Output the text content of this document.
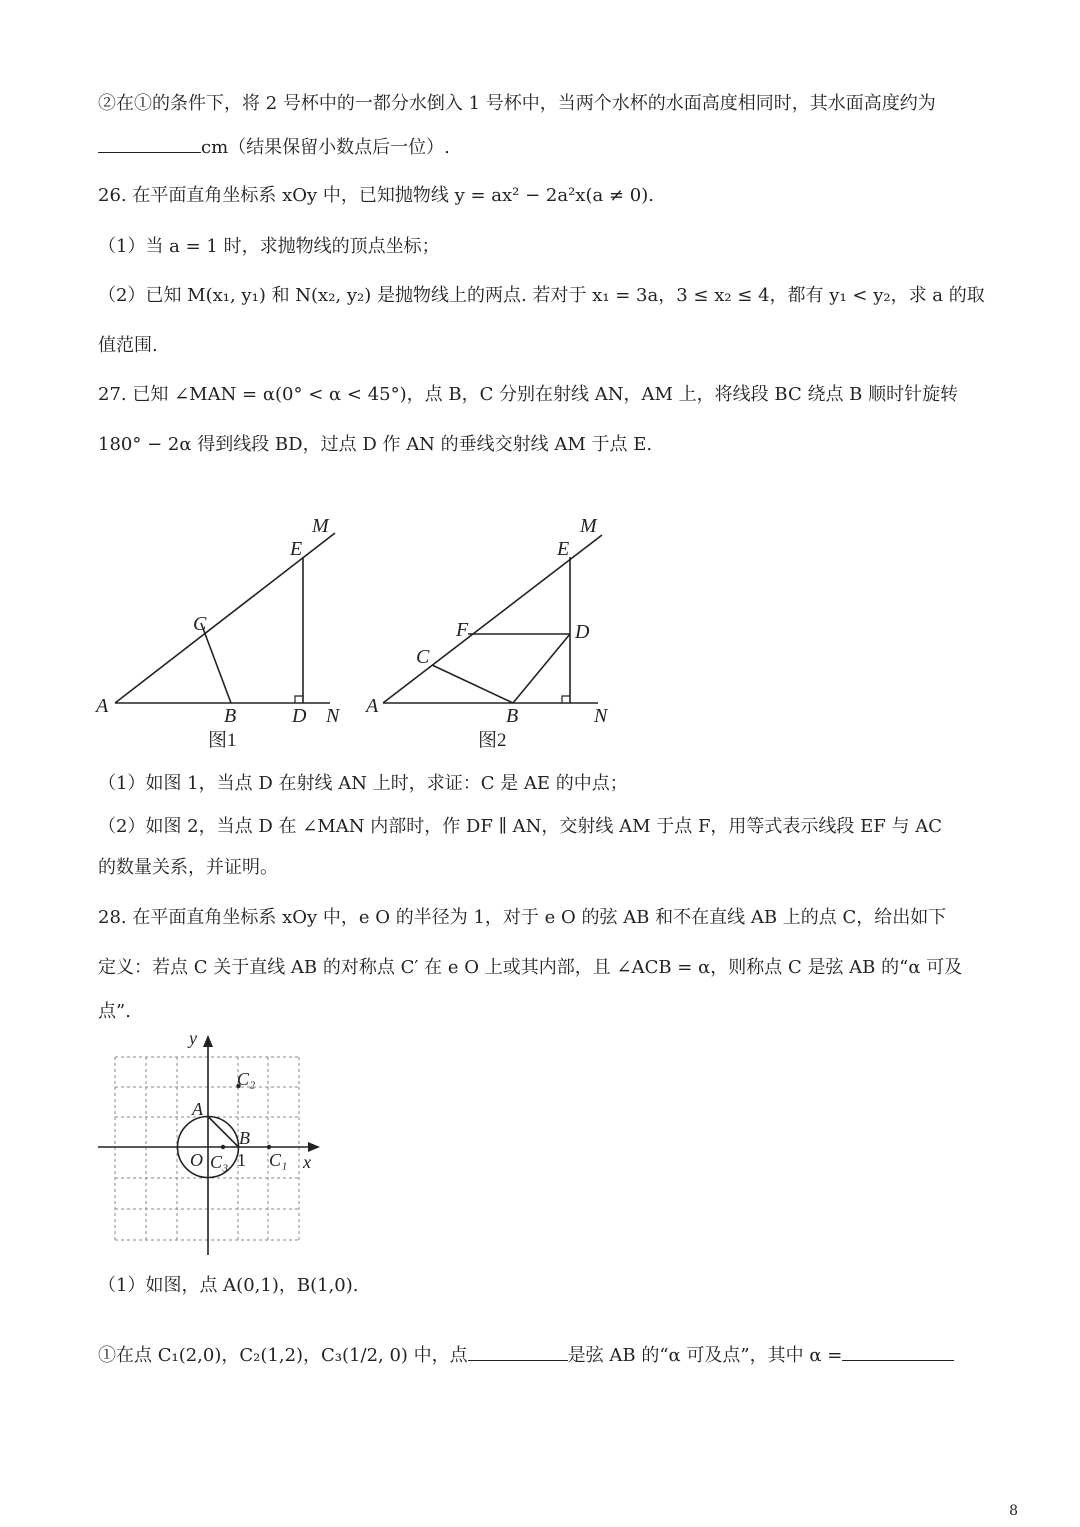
②在①的条件下，将 2 号杯中的一都分水倒入 1 号杯中，当两个水杯的水面高度相同时，其水面高度约为
cm（结果保留小数点后一位）.
26. 在平面直角坐标系 xOy 中，已知抛物线 y = ax² − 2a²x(a ≠ 0).
（1）当 a = 1 时，求抛物线的顶点坐标；
（2）已知 M(x₁, y₁) 和 N(x₂, y₂) 是抛物线上的两点. 若对于 x₁ = 3a，3 ≤ x₂ ≤ 4，都有 y₁ < y₂，求 a 的取
值范围.
27. 已知 ∠MAN = α(0° < α < 45°)，点 B，C 分别在射线 AN，AM 上，将线段 BC 绕点 B 顺时针旋转
180° − 2α 得到线段 BD，过点 D 作 AN 的垂线交射线 AM 于点 E.
M
E
C
A	B	D N
图1
M
E
F	D
C
A	B	N
图2
（1）如图 1，当点 D 在射线 AN 上时，求证：C 是 AE 的中点；
（2）如图 2，当点 D 在 ∠MAN 内部时，作 DF ∥ AN，交射线 AM 于点 F，用等式表示线段 EF 与 AC
的数量关系，并证明。
28. 在平面直角坐标系 xOy 中，e O 的半径为 1，对于 e O 的弦 AB 和不在直线 AB 上的点 C，给出如下
定义：若点 C 关于直线 AB 的对称点 C′ 在 e O 上或其内部，且 ∠ACB = α，则称点 C 是弦 AB 的“α 可及
点”.
y
x
A
B
O C₃ 1 C₁
C₂
（1）如图，点 A(0,1)，B(1,0).
①在点 C₁(2,0)，C₂(1,2)，C₃(1/2, 0) 中，点	是弦 AB 的“α 可及点”，其中 α =
8
